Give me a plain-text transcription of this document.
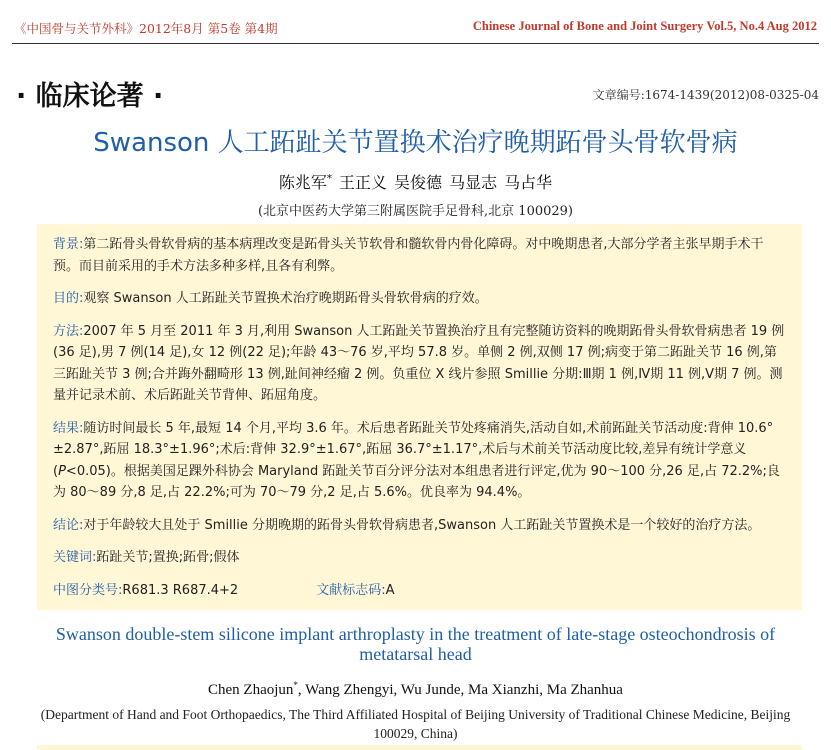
《中国骨与关节外科》2012年8月 第5卷 第4期	Chinese Journal of Bone and Joint Surgery Vol.5, No.4 Aug 2012
· 临床论著 ·	文章编号:1674-1439(2012)08-0325-04
Swanson 人工跖趾关节置换术治疗晚期跖骨头骨软骨病
陈兆军* 王正义 吴俊德 马显志 马占华
(北京中医药大学第三附属医院手足骨科,北京 100029)

背景:第二跖骨头骨软骨病的基本病理改变是跖骨头关节软骨和髓软骨内骨化障碍。对中晚期患者,大部分学者主张早期手术干预。而目前采用的手术方法多种多样,且各有利弊。

目的:观察 Swanson 人工跖趾关节置换术治疗晚期跖骨头骨软骨病的疗效。

方法:2007 年 5 月至 2011 年 3 月,利用 Swanson 人工跖趾关节置换治疗且有完整随访资料的晚期跖骨头骨软骨病患者 19 例(36 足),男 7 例(14 足),女 12 例(22 足);年龄 43～76 岁,平均 57.8 岁。单侧 2 例,双侧 17 例;病变于第二跖趾关节 16 例,第三跖趾关节 3 例;合并踇外翻畸形 13 例,趾间神经瘤 2 例。负重位 X 线片参照 Smillie 分期:Ⅲ期 1 例,Ⅳ期 11 例,Ⅴ期 7 例。测量并记录术前、术后跖趾关节背伸、跖屈角度。

结果:随访时间最长 5 年,最短 14 个月,平均 3.6 年。术后患者跖趾关节处疼痛消失,活动自如,术前跖趾关节活动度:背伸 10.6°±2.87°,跖屈 18.3°±1.96°;术后:背伸 32.9°±1.67°,跖屈 36.7°±1.17°,术后与术前关节活动度比较,差异有统计学意义(P<0.05)。根据美国足踝外科协会 Maryland 跖趾关节百分评分法对本组患者进行评定,优为 90～100 分,26 足,占 72.2%;良为 80～89 分,8 足,占 22.2%;可为 70～79 分,2 足,占 5.6%。优良率为 94.4%。

结论:对于年龄较大且处于 Smillie 分期晚期的跖骨头骨软骨病患者,Swanson 人工跖趾关节置换术是一个较好的治疗方法。

关键词:跖趾关节;置换;跖骨;假体

中图分类号:R681.3 R687.4+2	文献标志码:A

Swanson double-stem silicone implant arthroplasty in the treatment of late-stage osteochondrosis of metatarsal head
Chen Zhaojun*, Wang Zhengyi, Wu Junde, Ma Xianzhi, Ma Zhanhua
(Department of Hand and Foot Orthopaedics, The Third Affiliated Hospital of Beijing University of Traditional Chinese Medicine, Beijing 100029, China)
